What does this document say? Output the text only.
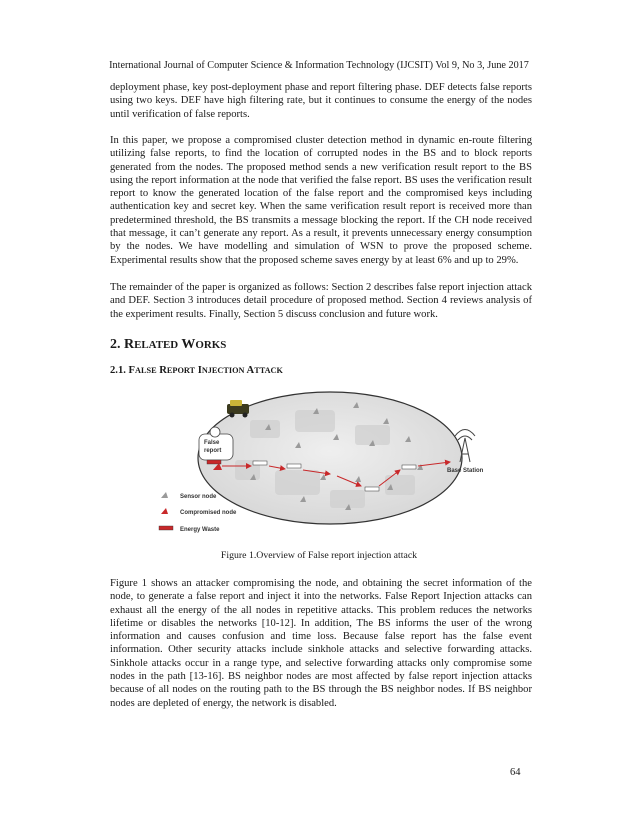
International Journal of Computer Science & Information Technology (IJCSIT) Vol 9, No 3, June 2017

deployment phase, key post-deployment phase and report filtering phase. DEF detects false reports using two keys. DEF have high filtering rate, but it continues to consume the energy of the nodes until verification of false reports.

In this paper, we propose a compromised cluster detection method in dynamic en-route filtering utilizing false reports, to find the location of corrupted nodes in the BS and to block reports generated from the nodes. The proposed method sends a new verification result report to the BS using the report information at the node that verified the false report. BS uses the verification result report to know the generated location of the false report and the compromised keys including authentication key and secret key. When the same verification result report is received more than predetermined threshold, the BS transmits a message blocking the report. If the CH node received that message, it can’t generate any report. As a result, it prevents unnecessary energy consumption by the nodes. We have modelling and simulation of WSN to prove the proposed scheme. Experimental results show that the proposed scheme saves energy by at least 6% and up to 29%.

The remainder of the paper is organized as follows: Section 2 describes false report injection attack and DEF. Section 3 introduces detail procedure of proposed method. Section 4 reviews analysis of the experiment results. Finally, Section 5 discuss conclusion and future work.

2. RELATED WORKS
2.1. FALSE REPORT INJECTION ATTACK
False
report
Base Station
Sensor node
Compromised node
Energy Waste
Figure 1.Overview of False report injection attack

Figure 1 shows an attacker compromising the node, and obtaining the secret information of the node, to generate a false report and inject it into the networks. False Report Injection attacks can exhaust all the energy of the all nodes in repetitive attacks. This problem reduces the networks lifetime or disables the networks [10-12]. In addition, The BS informs the user of the wrong information and causes confusion and time loss. Because false report has the false event information. Other security attacks include sinkhole attacks and selective forwarding attacks. Sinkhole attacks occur in a range type, and selective forwarding attacks only compromise some nodes in the path [13-16]. BS neighbor nodes are most affected by false report injection attacks because of all nodes on the routing path to the BS through the BS neighbor nodes. If BS neighbor nodes are depleted of energy, the network is disabled.

64
